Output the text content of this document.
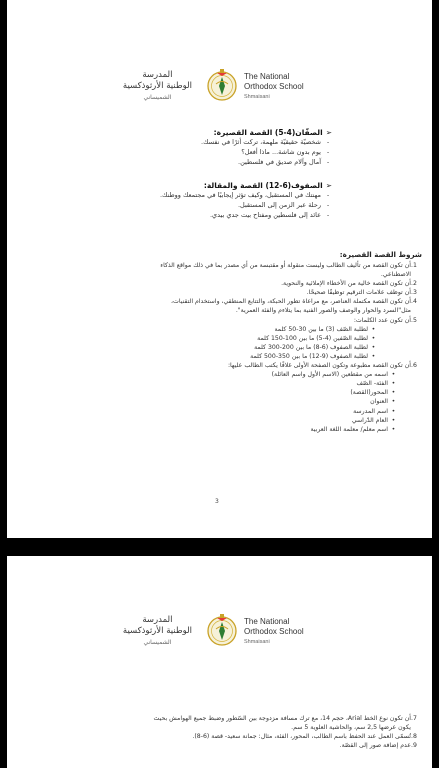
المدرسة
الوطنية الأرثوذكسية
الشميساني
The National
Orthodox School
Shmaisani
➢الصفّان(4-5) القصة القصيرة:
-شخصيّة حقيقيّة ملهمة، تركت أثرًا في نفسك.
-يوم بدون شاشة... ماذا أفعل؟
-آمال وآلام صديق في فلسطين.
➢الصفوف(6-12) القصة والمقالة:
-مهنتك في المستقبل، وكيف تؤثر إيجابيًا في مجتمعك ووطنك.
-رحلة عبر الزمن إلى المستقبل.
-عائد إلى فلسطين ومفتاح بيت جدي بيدي.
شروط القصة القصيرة:
1.أن تكون القصة من تأليف الطالب وليست منقولة أو مقتبسة من أي مصدر بما في ذلك مواقع الذكاء
الاصطناعي.
2.أن تكون القصة خالية من الأخطاء الإملائية والنحوية.
3.أن توظف علامات الترقيم توظيفًا صحيحًا.
4.أن تكون القصة مكتملة العناصر، مع مراعاة تطور الحبكة، والتتابع المنطقي، واستخدام التقنيات،
مثل"السرد والحوار والوصف والصور الفنية بما يتلاءم والفئة العمرية".
5.أن تكون عدد الكلمات:
•لطلبة الصّف (3) ما بين 30-50 كلمة
•لطلبة الصّفين (4-5) ما بين 100-150 كلمة
•لطلبة الصفوف (6-8) ما بين 200-300 كلمة
•لطلبة الصفوف (9-12) ما بين 350-500 كلمة
6.أن تكون القصة مطبوعة وتكون الصفحة الأولى غلافًا يكتب الطالب عليها:
•اسمه من مقطعين (الاسم الأول واسم العائلة)
•الفئة- الصّف
•المحور(القصة)
•العنوان
•اسم المدرسة
•العام الدّراسي
•اسم معلم/ معلمة اللغة العربية
3
المدرسة
الوطنية الأرثوذكسية
الشميساني
The National
Orthodox School
Shmaisani
7.أن تكون نوع الخط Arial، حجم 14، مع ترك مسافة مزدوجة بين السّطور وضبط جميع الهوامش بحيث
يكون عرضها 2,5 سم، والحاشية العلوية 5 سم.
8.تُسمّى العمل عند الحفظ باسم الطالب، المحور، الفئة، مثال: جمانة سعيد- قصة (6-8).
9.عدم إضافة صور إلى القصّة.
